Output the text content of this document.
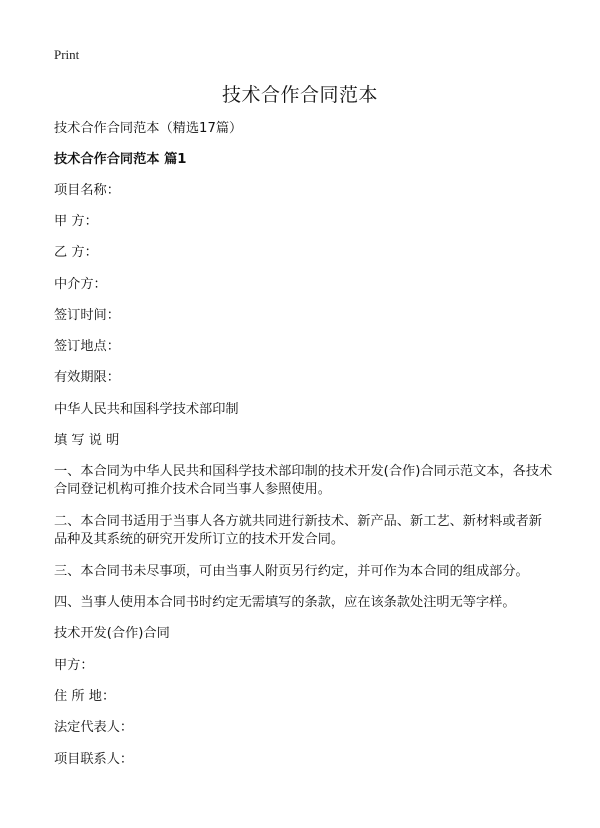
Print
技术合作合同范本
技术合作合同范本（精选17篇）
技术合作合同范本 篇1
项目名称：
甲 方：
乙 方：
中介方：
签订时间：
签订地点：
有效期限：
中华人民共和国科学技术部印制
填 写 说 明
一、本合同为中华人民共和国科学技术部印制的技术开发(合作)合同示范文本，各技术合同登记机构可推介技术合同当事人参照使用。
二、本合同书适用于当事人各方就共同进行新技术、新产品、新工艺、新材料或者新品种及其系统的研究开发所订立的技术开发合同。
三、本合同书未尽事项，可由当事人附页另行约定，并可作为本合同的组成部分。
四、当事人使用本合同书时约定无需填写的条款，应在该条款处注明无等字样。
技术开发(合作)合同
甲方：
住 所 地：
法定代表人：
项目联系人：
